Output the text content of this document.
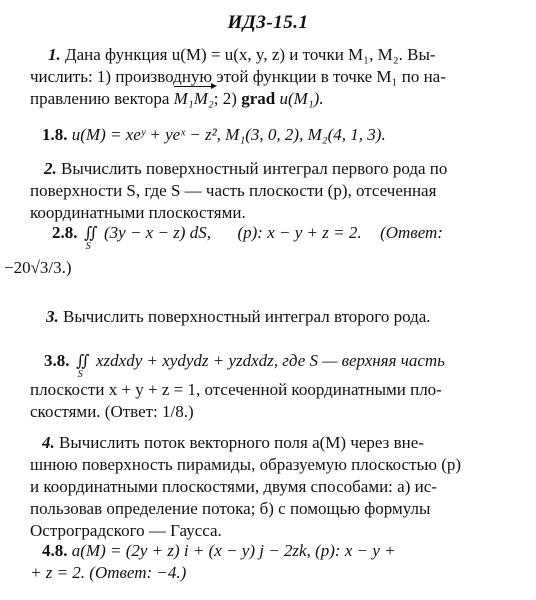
ИДЗ-15.1
1. Дана функция u(M) = u(x, y, z) и точки M₁, M₂. Вы-
числить: 1) производную этой функции в точке M₁ по на-
правлению вектора M₁M₂; 2) grad u(M₁).
1.8. u(M) = xeʸ + yeˣ − z², M₁(3, 0, 2), M₂(4, 1, 3).
2. Вычислить поверхностный интеграл первого рода по
поверхности S, где S — часть плоскости (p), отсеченная
координатными плоскостями.
2.8. ∬
S
(3y − x − z) dS, (p): x − y + z = 2. (Ответ:
−20√3/3.)
3. Вычислить поверхностный интеграл второго рода.
3.8. ∬
S
xzdxdy + xydydz + yzdxdz, где S — верхняя часть
плоскости x + y + z = 1, отсеченной координатными пло-
скостями. (Ответ: 1/8.)
4. Вычислить поток векторного поля a(M) через вне-
шнюю поверхность пирамиды, образуемую плоскостью (p)
и координатными плоскостями, двумя способами: а) ис-
пользовав определение потока; б) с помощью формулы
Остроградского — Гаусса.
4.8. a(M) = (2y + z) i + (x − y) j − 2zk, (p): x − y +
+ z = 2. (Ответ: −4.)
